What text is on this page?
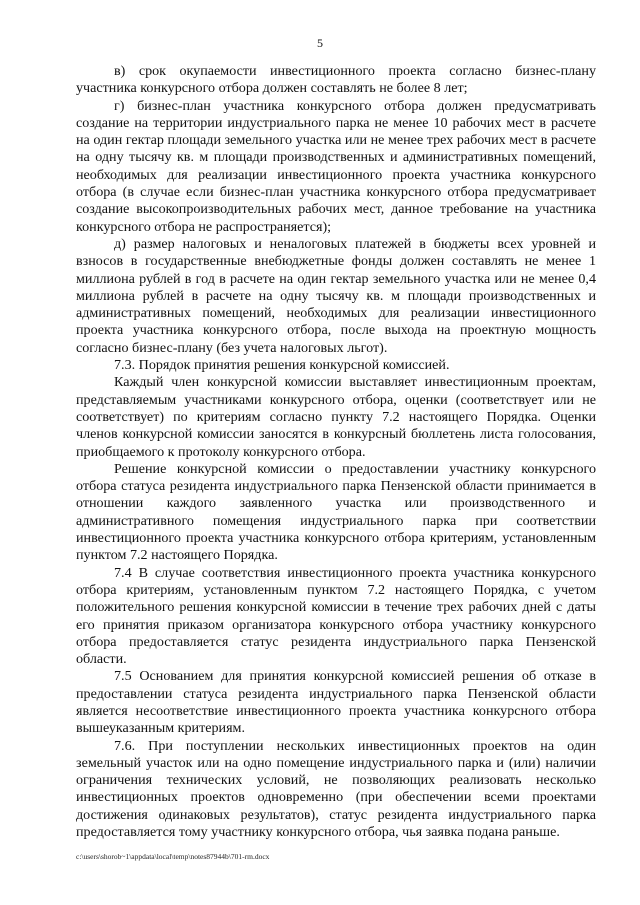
5

в) срок окупаемости инвестиционного проекта согласно бизнес-плану участника конкурсного отбора должен составлять не более 8 лет;

г) бизнес-план участника конкурсного отбора должен предусматривать создание на территории индустриального парка не менее 10 рабочих мест в расчете на один гектар площади земельного участка или не менее трех рабочих мест в расчете на одну тысячу кв. м площади производственных и административных помещений, необходимых для реализации инвестиционного проекта участника конкурсного отбора (в случае если бизнес-план участника конкурсного отбора предусматривает создание высокопроизводительных рабочих мест, данное требование на участника конкурсного отбора не распространяется);

д) размер налоговых и неналоговых платежей в бюджеты всех уровней и взносов в государственные внебюджетные фонды должен составлять не менее 1 миллиона рублей в год в расчете на один гектар земельного участка или не менее 0,4 миллиона рублей в расчете на одну тысячу кв. м площади производственных и административных помещений, необходимых для реализации инвестиционного проекта участника конкурсного отбора, после выхода на проектную мощность согласно бизнес-плану (без учета налоговых льгот).

7.3. Порядок принятия решения конкурсной комиссией.

Каждый член конкурсной комиссии выставляет инвестиционным проектам, представляемым участниками конкурсного отбора, оценки (соответствует или не соответствует) по критериям согласно пункту 7.2 настоящего Порядка. Оценки членов конкурсной комиссии заносятся в конкурсный бюллетень листа голосования, приобщаемого к протоколу конкурсного отбора.

Решение конкурсной комиссии о предоставлении участнику конкурсного отбора статуса резидента индустриального парка Пензенской области принимается в отношении каждого заявленного участка или производственного и административного помещения индустриального парка при соответствии инвестиционного проекта участника конкурсного отбора критериям, установленным пунктом 7.2 настоящего Порядка.

7.4 В случае соответствия инвестиционного проекта участника конкурсного отбора критериям, установленным пунктом 7.2 настоящего Порядка, с учетом положительного решения конкурсной комиссии в течение трех рабочих дней с даты его принятия приказом организатора конкурсного отбора участнику конкурсного отбора предоставляется статус резидента индустриального парка Пензенской области.

7.5 Основанием для принятия конкурсной комиссией решения об отказе в предоставлении статуса резидента индустриального парка Пензенской области является несоответствие инвестиционного проекта участника конкурсного отбора вышеуказанным критериям.

7.6. При поступлении нескольких инвестиционных проектов на один земельный участок или на одно помещение индустриального парка и (или) наличии ограничения технических условий, не позволяющих реализовать несколько инвестиционных проектов одновременно (при обеспечении всеми проектами достижения одинаковых результатов), статус резидента индустриального парка предоставляется тому участнику конкурсного отбора, чья заявка подана раньше.

c:\users\shorob~1\appdata\local\temp\notes87944b\701-rm.docx
